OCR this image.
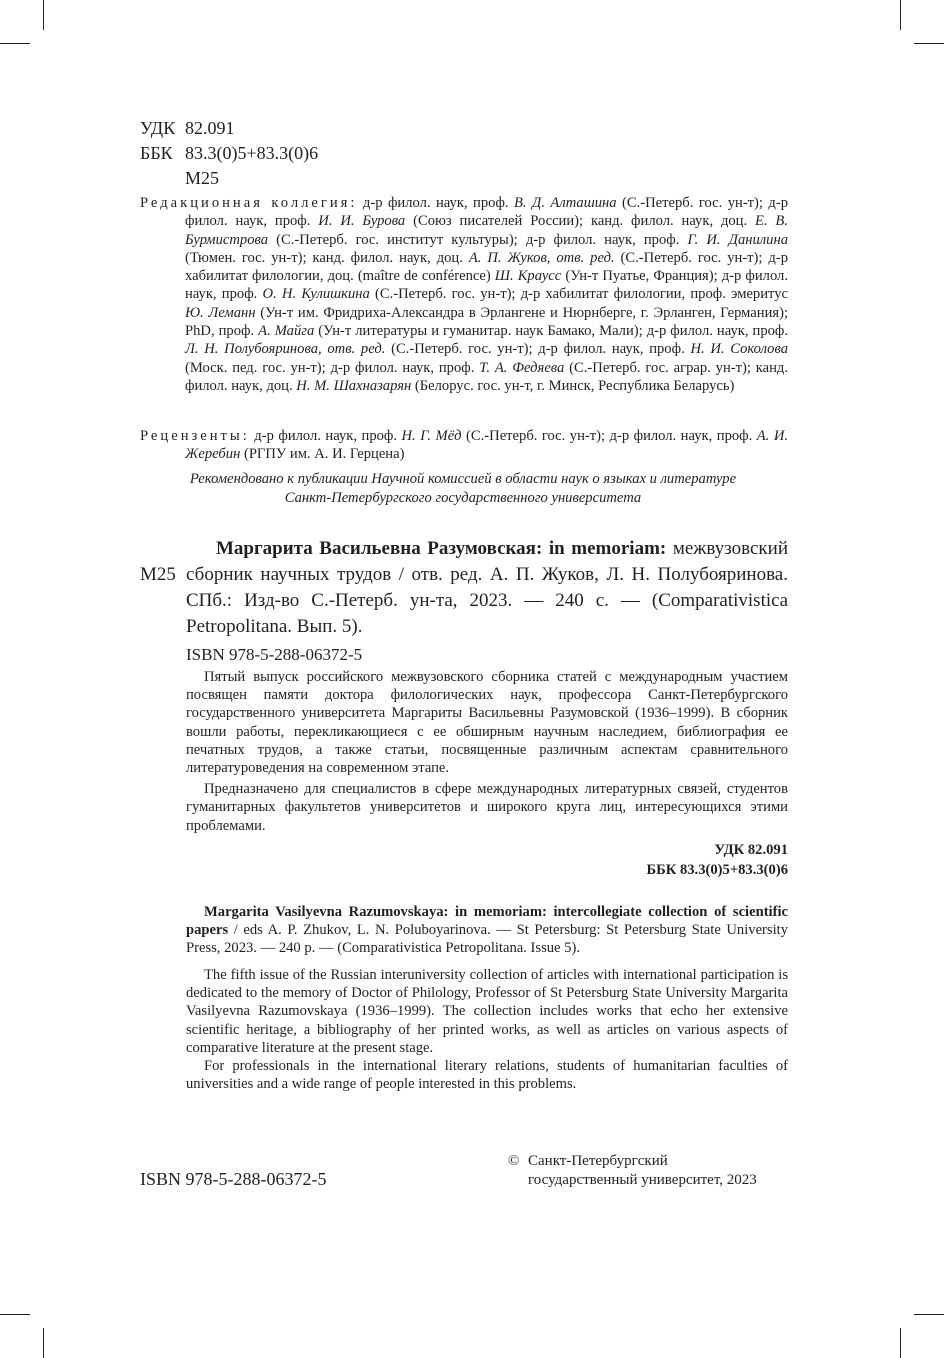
УДК 82.091
ББК 83.3(0)5+83.3(0)6
М25

Редакционная коллегия: д-р филол. наук, проф. В. Д. Алташина (С.-Петерб. гос. ун-т); д-р филол. наук, проф. И. И. Бурова (Союз писателей России); канд. филол. наук, доц. Е. В. Бурмистрова (С.-Петерб. гос. институт культуры); д-р филол. наук, проф. Г. И. Данилина (Тюмен. гос. ун-т); канд. филол. наук, доц. А. П. Жуков, отв. ред. (С.-Петерб. гос. ун-т); д-р хабилитат филологии, доц. (maître de conférence) Ш. Краусс (Ун-т Пуатье, Франция); д-р филол. наук, проф. О. Н. Кулишкина (С.-Петерб. гос. ун-т); д-р хабилитат филологии, проф. эмеритус Ю. Леманн (Ун-т им. Фридриха-Александра в Эрлангене и Нюрнберге, г. Эрланген, Германия); PhD, проф. А. Майга (Ун-т литературы и гуманитар. наук Бамако, Мали); д-р филол. наук, проф. Л. Н. Полубояринова, отв. ред. (С.-Петерб. гос. ун-т); д-р филол. наук, проф. Н. И. Соколова (Моск. пед. гос. ун-т); д-р филол. наук, проф. Т. А. Федяева (С.-Петерб. гос. аграр. ун-т); канд. филол. наук, доц. Н. М. Шахназарян (Белорус. гос. ун-т, г. Минск, Республика Беларусь)

Рецензенты: д-р филол. наук, проф. Н. Г. Мёд (С.-Петерб. гос. ун-т); д-р филол. наук, проф. А. И. Жеребин (РГПУ им. А. И. Герцена)

Рекомендовано к публикации Научной комиссией в области наук о языках и литературе
Санкт-Петербургского государственного университета
Маргарита Васильевна Разумовская: in memoriam: межвузовский сборник научных трудов / отв. ред. А. П. Жуков, Л. Н. Полубояринова. СПб.: Изд-во С.-Петерб. ун-та, 2023. — 240 с. — (Comparativistica Petropolitana. Вып. 5).
М25
ISBN 978-5-288-06372-5

Пятый выпуск российского межвузовского сборника статей с международным участием посвящен памяти доктора филологических наук, профессора Санкт-Петербургского государственного университета Маргариты Васильевны Разумовской (1936–1999). В сборник вошли работы, перекликающиеся с ее обширным научным наследием, библиография ее печатных трудов, а также статьи, посвященные различным аспектам сравнительного литературоведения на современном этапе.

Предназначено для специалистов в сфере международных литературных связей, студентов гуманитарных факультетов университетов и широкого круга лиц, интересующихся этими проблемами.

УДК 82.091
ББК 83.3(0)5+83.3(0)6

Margarita Vasilyevna Razumovskaya: in memoriam: intercollegiate collection of scientific papers / eds A. P. Zhukov, L. N. Poluboyarinova. — St Petersburg: St Petersburg State University Press, 2023. — 240 p. — (Comparativistica Petropolitana. Issue 5).

The fifth issue of the Russian interuniversity collection of articles with international participation is dedicated to the memory of Doctor of Philology, Professor of St Petersburg State University Margarita Vasilyevna Razumovskaya (1936–1999). The collection includes works that echo her extensive scientific heritage, a bibliography of her printed works, as well as articles on various aspects of comparative literature at the present stage.

For professionals in the international literary relations, students of humanitarian faculties of universities and a wide range of people interested in this problems.

ISBN 978-5-288-06372-5
© Санкт-Петербургский
государственный университет, 2023
